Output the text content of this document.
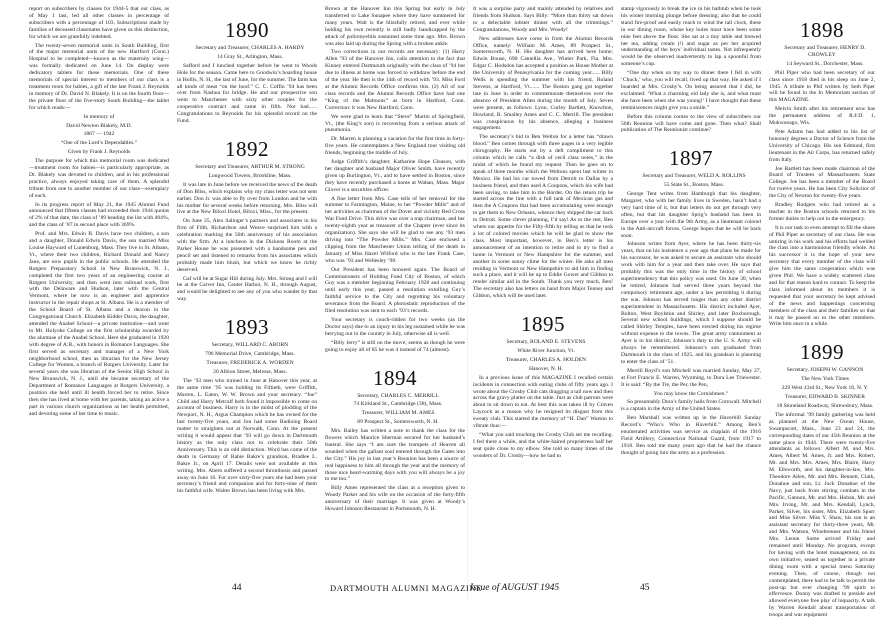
report on subscribers by classes for 1944-5 that our class, as of May 1 last, led all other classes in percentage of subscribers with a percentage of 103. Subscriptions made by families of deceased classmates have given us this distinction, for which we are gratefully indebted.

The twenty-seven memorial units in South Building, first of the major memorial units of the new Hartford (Conn.) Hospital to be completed—known as the maternity wing—was formally dedicated on June 14. On display were dedicatory tablets for these memorials. One of these memorials of special interest to members of our class is a treatment room for babies, a gift of the late Frank J. Reynolds in memory of Dr. David N. Blakely. It is on the fourth floor—the private floor of the five-story South Building—the tablet for which reads:—

In memory of

David Newton Blakely, M.D.

1867 — 1942

“One of the Lord’s Dependables.”

Given by Frank J. Reynolds

The purpose for which this memorial room was dedicated—treatment room for babies—is particularly appropriate, as Dr. Blakely was devoted to children, and in his professional practice, always enjoyed taking care of them. A splendid tribute from one to another member of our class—exemplary of each.

In its progress report of May 21, the 1945 Alumni Fund announced that fifteen classes had exceeded their 1944 quotas of 2% of that date, the class of ’89 heading the list with 404%, and the class of ’87 in second place with 369%.

Prof. and Mrs. Edwin B. Davis have two children, a son and a daughter, Donald Edwin Davis, the son married Miss Louise Hayward of Lunenburg, Mass. They live in St. Albans, Vt., where their two children, Richard Donald and Nancy Jane, are now pupils in the public schools. He attended the Rutgers Preparatory School in New Brunswick, N. J., completed the first two years of an engineering course at Rutgers University, and then went into railroad work, first with the Delaware and Hudson, later with the Central Vermont, where he now is an engineer and apprentice instructor in the repair shops at St. Albans. He is a member of the School Board of St. Albans and a deacon in the Congregational Church. Elizabeth Kidder Davis, the daughter, attended the Anabel School—a private institution—and went to Mt. Holyoke College on the first scholarship awarded by the alumnae of the Anabel School. Here she graduated in 1920 with degree of A.B., with honors in Romance Languages. She first served as secretary and manager of a New York neighborhood school, then as librarian for the New Jersey College for Women, a branch of Rutgers University. Later for several years she was librarian of the Senior High School in New Brunswick, N. J., until she became secretary of the Department of Romance Languages at Rutgers University, a position she held until ill health forced her to retire. Since then she has lived at home with her parents, taking an active a part in various church organizations as her health permitted, and devoting some of her time to music.

1890

Secretary and Treasurer, CHARLES A. HARDY

14 Gray St., Arlington, Mass.

Safford and I lunched together before he went to Woods Hole for the season. Came here to Goodwin’s boarding house in Hollis, N. H., the last of June, for the summer. The farm has all kinds of meat “on the hoof.” C. C. Coffin ’94 has been over from Nashua for bridge. He and our prospective son went to Manchester with sixty other couples for the cooperative contract and came in fifth. Not bad...... Congratulations to Reynolds for his splendid record on the Fund.

1892

Secretary and Treasurer, ARTHUR M. STRONG

Longwood Towers, Brookline, Mass.

It was late in June before we received the news of the death of Don Bliss, which explains why my class letter was not sent earlier. Don Jr. was able to fly over from London and be with his mother for several weeks before returning. Mrs. Bliss will live at the New Biloxi Hotel, Biloxi, Miss., for the present.

On June 25, Alex Salinger’s partners and associates in his firm of Filth, Richardson and Weave surprised him with a celebration marking the 50th anniversary of his association with the firm. At a luncheon in the Dickens Room at the Parker House he was presented with a handsome pen and pencil set and listened to remarks from his associates which probably made him blush, but which we know he richly deserved.

Gaf will be at Sugar Hill during July. Mrs. Strong and I will be at the Carver Inn, Center Harbor, N. H., through August, and would be delighted to see any of you who wander by that way.

1893

Secretary, WILLARD C. ABORN

796 Memorial Drive, Cambridge, Mass.

Treasurer, FREDERICK A. WORDEN

20 Albion Street, Melrose, Mass.

The ’93 men who trained in June at Hanover this year, at the same time ’95 was holding its Fiftieth, were Griffith, Marren, L. Eaton, W. W. Brown and your secretary. “Joe” Child and Harry Metcalf both found it impossible to come on account of business. Harry is in the midst of plodding of the Newport, N. H., Argus Champion which he has owned for the last twenty-five years, and Jon had some Radioing Board matter to straighten out at Norwalk, Conn. At the present writing it would appear that ’93 will go down in Dartmouth history as the only class not to celebrate their 50th Anniversary. This is an odd distinction. Word has come of the death in Germany of Rabie Bakre’s grandson, Bradlee L. Bakre Jr., on April 17. Details were not available at this writing. Mrs. Abern suffered a second thrombosis and passed away on June 16. For over sixty-five years she had been your secretary’s friend and companion and for forty-nine of them his faithful wife. Walter Brown has been living with Mrs.

Brown at the Hanover Inn this Spring but early in July transferred to Lake Sunapee where they have summered for many years. Walt is the blissfully retired, and ever while holding his own recently is still badly handicapped by the attack of poliomyelitis sustained some time ago. Mrs. Brown was also laid up during the Spring with a broken ankle.

Two corrections in our records are necessary: (1) Harry Allen ’93 of the Hanover Inn, calls attention to the fact that Kinney entered Dartmouth originally with the class of ’94 but due to illness at home was forced to withdraw before the end of the year. He then is the 14th of record with ’93. Miss Ford at the Alumni Records Office confirms this. (2) All of our class records and the Alumni Records Office have had one “King of the Mattoons” as born in Hartford, Conn. Correction: it was New Hartford, Conn.

We were glad to learn that “Steve” Martin of Springfield, Vt., (the King’s son) is recovering from a serious attack of pneumonia.

Dr. Marren is planning a vacation for the first time in forty-five years. He contemplates a New England tour visiting old friends, beginning the middle of July.

Judge Griffith’s daughter, Katharine Hope Gleason, with her daughter and husband Major Oliver Smith, have recently given up Burlington, Vt., and to have settled in Boston, since they have recently purchased a home at Waban, Mass. Major Glover is a securities officer.

A fine letter from Mrs. Case tells of her removal for the summer to Farmington, Maine, to her “Powder Mills” and of her activities as chairman of the Dover and vicinity Red Cross War Fund Drive. This drive was over a trap chairman, and her twenty-eighth year as treasurer of the Chapter (ever since its organization). She says she will be glad to see any ’93 men driving into “The Powder Mills.” Mrs. Case enclosed a clipping from the Manchester Union telling of the death in January of Miss Hazel Wilford who is the late Frank Case, who was ’93 and Wellesley ’98.

Our President has been honored again. The Board of Commissioners of Holding Fund City of Boston, of which Guy was a member beginning February 1928 and continuing until early this year, passed a resolution extolling Guy’s faithful service to the City and regretting his voluntary severance from the Board. A photostatic reproduction of the filed resolution was sent to each ’93’s records.

Your secretary is couch-ridden for two weeks (as the Doctor says) due to an injury to his leg sustained while he was berrying out in the country in July, otherwise all is well.

“Billy Jerry” is still on the move; seems as though he were going to enjoy all of 85 he was 4 instead of 74 (almost).

1894

Secretary, CHARLES C. MERRILL

74 Kirkland St., Cambridge (38), Mass.

Treasurer, WILLIAM M. AMES

89 Prospect St., Somersworth, N. H.

Mrs. Bailey has written a note to thank the class for the flowers which Maurice Sherman secured for her husband’s funeral. She says “I am sure the trumpets of Heaven all sounded when the gallant soul entered through the Gates into the City.” His joy in last year’s Reunion has been a source of real happiness to him all through the year and the memory of those nice heart-warming days with you will always be a joy to me too.”

Billy Ames represented the class at a reception given to Woody Parker and his wife on the occasion of the forty-fifth anniversary of their marriage. It was given at Woody’s Howard Johnson Restaurant in Portsmouth, N. H.

It was a surprise party and mainly attended by relatives and friends from Hudson. Says Billy: “More than thirty sat down to a delectable lobster dinner with all the trimmings.” Congratulations, Woody and Mrs. Woody!

New addresses have come in from the Alumni Records Office, namely: William M. Ames, 89 Prospect St., Somersworth, N. H. His daughter has arrived here home; Edwin Bouse, 690 Camellia Ave., Winter Park, Fla. Mrs. Edgar C. Hodsdon has accepted a position as House Mother at the University of Pennsylvania for the coming year...... Billy Wells is spending the summer with his friend, Roland Stevens, at Hartford, Vt....... The Boston gang got together late in June in order to commemorate themselves over the absence of President Allen during the month of July. Seven were present, as follows: Lyon, Curley Bartlett, Knowlton, Howland, R. Smalley Ames and C. C. Merrill. The president was conspicuous by his absence, alleging a business engagement.

The secretary’s bid to Ben Welton for a letter has “drawn blood.” Ben comes through with three pages in a very legible chirography. He starts out by a deft compliment to this column which he calls “a dish of cecil class notes,” in the midst of which he found my request. Then he goes on to speak of three months which the Weltons spent last winter in Mexico. He had his car towed from Detroit to Dallas by a business friend, and then used A Coupons, which his wife had been saving, to take him to the Border. On the return trip he started across the line with a full tank of Mexican gas and then the A Coupons that had been accumulating were enough to get them to New Orleans, whence they shipped the car back to Detroit. Some clever planning, I’d say! As to the rest, Ben whets our appetite for the Fifty-fifth by telling us that he took a lot of colored movies which he will be glad to show the class. Most important, however, in Ben’s letter is his announcement of an intention to retire and to try to find a home in Vermont or New Hampshire for the summer, and another in some sunny clime for the winter. He asks all men residing in Vermont or New Hampshire to aid him in finding such a place, and it will be up to Eddie Gower and Gibbon to render similar aid in the South. Thank you very much, Ben! The secretary also has letters on hand from Major Tenney and Gibbon, which will be used later.

1895

Secretary, ROLAND E. STEVENS

White River Junction, Vt.

Treasurer, CHARLES A. HOLDEN

Hanover, N. H.

In a previous issue of this MAGAZINE I recalled certain incidents in connection with eating clubs of fifty years ago. I wrote about the Crosby Club cats dragging a tail now and then across the gravy platter on the table. Just as club patrons were about to sit down to eat. At best this was taken ill by Craven Laycock as a reason why he resigned its disgust from this sweaty club. This started the memory of “H. Dan” Watson to vibrate thus:—

“What you said touching the Crosby Club set me recalling. I fed there a while, and the white-haired proprietress half her seat quite close to my elbow. She told so many times of the wonders of Dr. Crosby—how he had to

stamp vigorously to break the ice in his bathtub when he took his winter morning plunge before dressing; also that he could stand fire-proof and easily reach to wind the tall clock, these in our dining room, whose key holes must have been some nine feet above the floor. She sat at a tiny table and brewed her tea, adding cream (!) and sugar as per her acquired understanding of the boys’ individual tastes. Not infrequently would be the observed inadvertently to lap a spoonful from someone’s cup.

“One day when on my way to dinner there I fell in with ‘Chuck,’ who, you will recall, lived up that way. He asked if I boarded at Mrs. Crosby’s. On being assured that I did, he exclaimed: ‘What a charming old lady she is, and what must she have been when she was young!’ I have thought that these reminiscences might give you a smile.”

Before this column comes to the view of subscribers our 50th Reunion will have come and gone. Then what? Shall publication of The Reunionist continue?

1897

Secretary and Treasurer, WELD A. ROLLINS

55 State St., Boston, Mass.

George Tent writes from Hamburgh that his daughter, Margaret, who with her family lives in Sweden, hasn’t had a very hard time of it, but that letters do not get through very often, but that his daughter Sprig’s husband has been in Europe over a year with the 9th Army, as a lieutenant colonel in the Anti-aircraft forces. George hopes that he will be back soon.

Johnson writes from Ayer, where he has been thirty-six years, that on his insistence a year ago that plans be made for his successor, he was asked to secure an assistant who should work with him for a year and then take over. He says that probably this was the only time in the history of school superintendency that this policy was used. On June 30, when he retired, Johnson had served three years beyond the compulsory retirement age, under a law permitting it during the war. Johnson has served longer than any other district superintendent in Massachusetts. His district included Ayer, Bolton, West Boylston and Shirley, and later Boxborough. Several new school buildings, which I suppose should be called Shirley Temples, have been erected during his regime without expense to the towns. The great army cantonment at Ayer is in his district, Johnson’s duty to the U. S. Army will always be remembered. Johnson’s son graduated from Dartmouth in the class of 1925, and his grandson is planning to enter the class of ’51.

Merrill Boyd’s son Mitchell was married Sunday, May 27, at Fort Francis E. Warren, Wyoming, to Dora Lee Triewester. It is said: “By the Tre, the Per, the Pen,

You may know the Cornishmen.”

So presumably Dora’s family hails from Cornwall. Mitchell is a captain in the Army of the United States.

Ben Marshall was written up in the Haverhill Sunday Record’s “Who’s Who in Haverhill.” Among Ben’s enumerated activities was service as chaplain of the 1916 Field Artillery, Connecticut National Guard, from 1917 to 1918. Ben told me many years ago that he had the chance thought of going into the army as a profession.

1898

Secretary and Treasurer, HENRY D. CROWLEY

14 Seyward St., Dorchester, Mass.

Phil Piper who had been secretary of our class since 1918 died in his sleep on June 2, 1945. A tribute to Phil written by Seth Piper will be found in the In Memoriam section of this MAGAZINE.

Melvin Smith after his retirement now has the permanent address of R.F.D. 1, Mukwonago, Wis.

Pete Adams has had added to his list of honorary degrees a Doctor of Science from the University of Chicago. His son Edmund, first lieutenant in the Air Corps, has returned safely from Italy.

Joe Bartlett has been made chairman of the Board of Trustees of Massachusetts State College. Joe has been a member of the Board for twelve years. He has been City Solicitor of the City of Newton for twenty-five years.

Bradley Rodgers who had retired as a teacher in the Boston schools returned to his former duties to help out in the emergency.

It is our task to even attempt to fill the shoes of Phil Piper as secretary of our class. He was untiring in his work and his efforts had welded the class into a harmonious friendly whole. As his successor it is the hope of your new secretary that every member of the class will give him the same cooperation which was given Phil. We have a widely scattered class and for that reason hard to contact. To keep the class informed about its members it is requested that your secretary be kept advised of the news and happenings concerning members of the class and their families so that it may be passed on to the other members. Write him once in a while.

1899

Secretary, JOSEPH W. GANNON

The New York Times

229 West 43rd St., New York 18, N. Y.

Treasurer, EDWARD B. SKINNER

18 Stoneland Roadway, Shrewsbury, Mass.

The informal ’99 family gathering was held as planned at the New Ocean House, Swampscott, Mass., June 23 and 24, the corresponding dates of our 45th Reunion at the same place in 1944. There were twenty-five attendants as follows: Albert M. and Mrs. Ames, Albert M. Ames, Jr. and Mrs. Robert, Mr. and Mrs. Mrs. Ames, Mrs. Blaire, Harry M. Ellsworth, and his daughter-in-law, Mrs. Theodore Allen, Mr. and Mrs. Bennett, Clark, Donahue and son, Lt. Jock Donahue of the Navy, just back from stirring combats in the Pacific, Gannon, Mr. and Mrs. Hoban, Mr. and Mrs. Irving, Mr. and Mrs. Kendall, Lynch, Parker, Silver, his sister, Mrs. Elizabeth Spurr and Miss Silver. Miss Y. Shaw, his son is an assistant secretary for thirty-three years, Mr. and Mrs. Watson, Winebrenner and his friend Mrs. Leone. Some arrived Friday and remained until Monday. No program, except for having with the hotel management, on its own initiative, seated us together in a private dining room with a special menu Saturday evening. Then, of course, though not contemplated, there had to be talk to permit the post-up but ever changing ’99 spirit to effervesce. Donny was drafted to preside and allowed everyone free play of loquacity. A talk by Warren Kendall about transportation of troops and war equipment

44	DARTMOUTH ALUMNI MAGAZINE
Issue of AUGUST 1945	45
